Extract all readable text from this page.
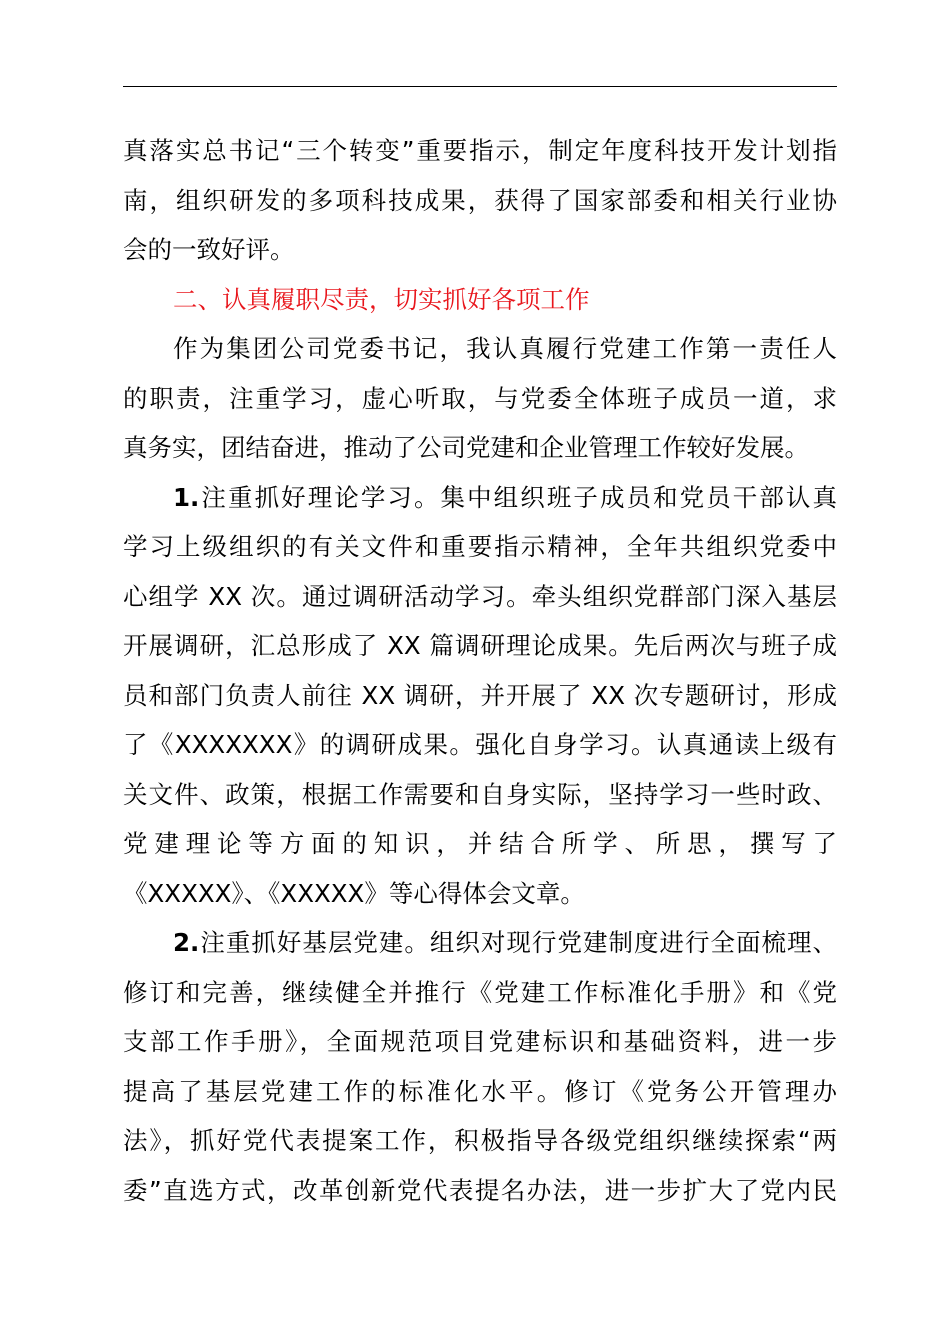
真落实总书记“三个转变”重要指示，制定年度科技开发计划指
南，组织研发的多项科技成果，获得了国家部委和相关行业协
会的一致好评。
二、认真履职尽责，切实抓好各项工作
作为集团公司党委书记，我认真履行党建工作第一责任人
的职责，注重学习，虚心听取，与党委全体班子成员一道，求
真务实，团结奋进，推动了公司党建和企业管理工作较好发展。
1.注重抓好理论学习。集中组织班子成员和党员干部认真
学习上级组织的有关文件和重要指示精神，全年共组织党委中
心组学 XX 次。通过调研活动学习。牵头组织党群部门深入基层
开展调研，汇总形成了 XX 篇调研理论成果。先后两次与班子成
员和部门负责人前往 XX 调研，并开展了 XX 次专题研讨，形成
了《XXXXXXX》的调研成果。强化自身学习。认真通读上级有
关文件、政策，根据工作需要和自身实际，坚持学习一些时政、
党建理论等方面的知识，并结合所学、所思，撰写了
《XXXXX》、《XXXXX》等心得体会文章。
2.注重抓好基层党建。组织对现行党建制度进行全面梳理、
修订和完善，继续健全并推行《党建工作标准化手册》和《党
支部工作手册》，全面规范项目党建标识和基础资料，进一步
提高了基层党建工作的标准化水平。修订《党务公开管理办
法》，抓好党代表提案工作，积极指导各级党组织继续探索“两
委”直选方式，改革创新党代表提名办法，进一步扩大了党内民
